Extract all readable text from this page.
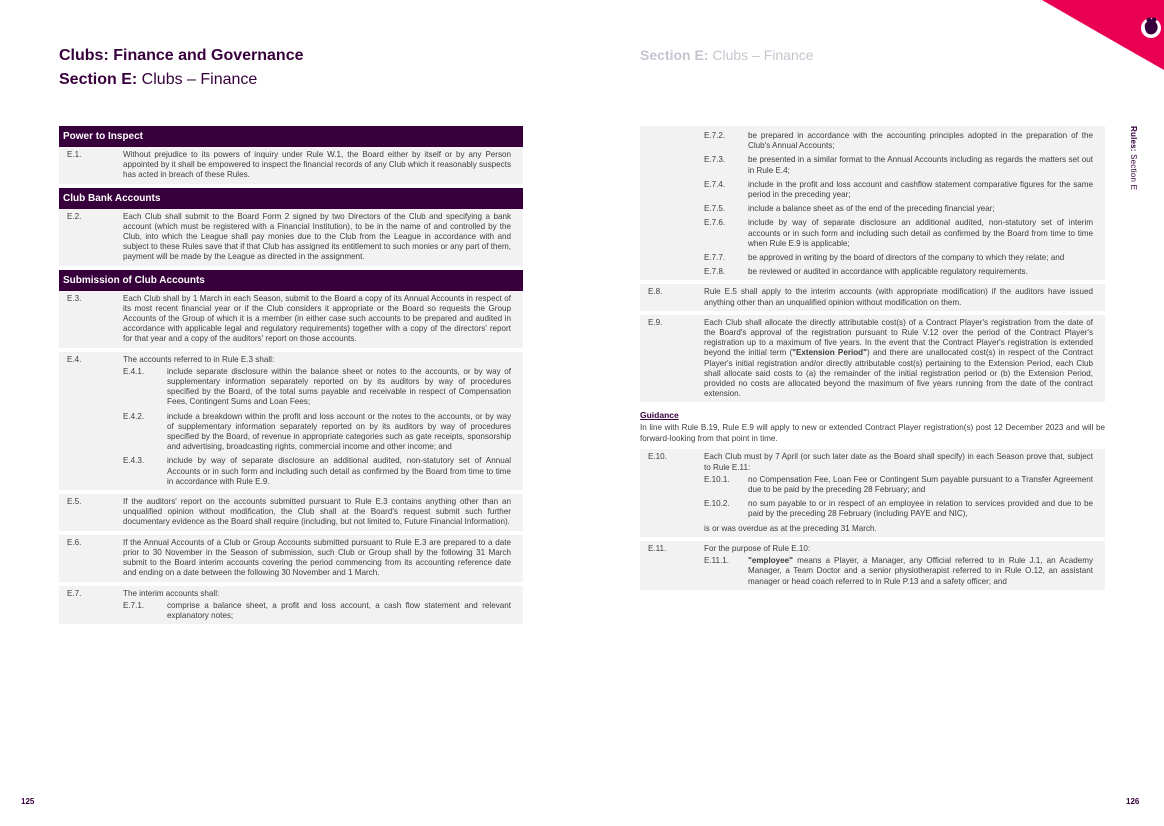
Clubs: Finance and Governance
Section E: Clubs – Finance
Section E: Clubs – Finance
Rules: Section E
Power to Inspect
E.1.	Without prejudice to its powers of inquiry under Rule W.1, the Board either by itself or by any Person appointed by it shall be empowered to inspect the financial records of any Club which it reasonably suspects has acted in breach of these Rules.
Club Bank Accounts
E.2.	Each Club shall submit to the Board Form 2 signed by two Directors of the Club and specifying a bank account (which must be registered with a Financial Institution), to be in the name of and controlled by the Club, into which the League shall pay monies due to the Club from the League in accordance with and subject to these Rules save that if that Club has assigned its entitlement to such monies or any part of them, payment will be made by the League as directed in the assignment.
Submission of Club Accounts
E.3.	Each Club shall by 1 March in each Season, submit to the Board a copy of its Annual Accounts in respect of its most recent financial year or if the Club considers it appropriate or the Board so requests the Group Accounts of the Group of which it is a member (in either case such accounts to be prepared and audited in accordance with applicable legal and regulatory requirements) together with a copy of the directors' report for that year and a copy of the auditors' report on those accounts.
E.4.	The accounts referred to in Rule E.3 shall:
E.4.1.	include separate disclosure within the balance sheet or notes to the accounts, or by way of supplementary information separately reported on by its auditors by way of procedures specified by the Board, of the total sums payable and receivable in respect of Compensation Fees, Contingent Sums and Loan Fees;
E.4.2.	include a breakdown within the profit and loss account or the notes to the accounts, or by way of supplementary information separately reported on by its auditors by way of procedures specified by the Board, of revenue in appropriate categories such as gate receipts, sponsorship and advertising, broadcasting rights, commercial income and other income; and
E.4.3.	include by way of separate disclosure an additional audited, non-statutory set of Annual Accounts or in such form and including such detail as confirmed by the Board from time to time in accordance with Rule E.9.
E.5.	If the auditors' report on the accounts submitted pursuant to Rule E.3 contains anything other than an unqualified opinion without modification, the Club shall at the Board's request submit such further documentary evidence as the Board shall require (including, but not limited to, Future Financial Information).
E.6.	If the Annual Accounts of a Club or Group Accounts submitted pursuant to Rule E.3 are prepared to a date prior to 30 November in the Season of submission, such Club or Group shall by the following 31 March submit to the Board interim accounts covering the period commencing from its accounting reference date and ending on a date between the following 30 November and 1 March.
E.7.	The interim accounts shall:
E.7.1.	comprise a balance sheet, a profit and loss account, a cash flow statement and relevant explanatory notes;
E.7.2.	be prepared in accordance with the accounting principles adopted in the preparation of the Club's Annual Accounts;
E.7.3.	be presented in a similar format to the Annual Accounts including as regards the matters set out in Rule E.4;
E.7.4.	include in the profit and loss account and cashflow statement comparative figures for the same period in the preceding year;
E.7.5.	include a balance sheet as of the end of the preceding financial year;
E.7.6.	include by way of separate disclosure an additional audited, non-statutory set of interim accounts or in such form and including such detail as confirmed by the Board from time to time when Rule E.9 is applicable;
E.7.7.	be approved in writing by the board of directors of the company to which they relate; and
E.7.8.	be reviewed or audited in accordance with applicable regulatory requirements.
E.8.	Rule E.5 shall apply to the interim accounts (with appropriate modification) if the auditors have issued anything other than an unqualified opinion without modification on them.
E.9.	Each Club shall allocate the directly attributable cost(s) of a Contract Player's registration from the date of the Board's approval of the registration pursuant to Rule V.12 over the period of the Contract Player's registration up to a maximum of five years. In the event that the Contract Player's registration is extended beyond the initial term ("Extension Period") and there are unallocated cost(s) in respect of the Contract Player's initial registration and/or directly attributable cost(s) pertaining to the Extension Period, each Club shall allocate said costs to (a) the remainder of the initial registration period or (b) the Extension Period, provided no costs are allocated beyond the maximum of five years running from the date of the contract extension.
Guidance
In line with Rule B.19, Rule E.9 will apply to new or extended Contract Player registration(s) post 12 December 2023 and will be forward-looking from that point in time.
E.10.	Each Club must by 7 April (or such later date as the Board shall specify) in each Season prove that, subject to Rule E.11:
E.10.1.	no Compensation Fee, Loan Fee or Contingent Sum payable pursuant to a Transfer Agreement due to be paid by the preceding 28 February; and
E.10.2.	no sum payable to or in respect of an employee in relation to services provided and due to be paid by the preceding 28 February (including PAYE and NIC),
is or was overdue as at the preceding 31 March.
E.11.	For the purpose of Rule E.10:
E.11.1.	"employee" means a Player, a Manager, any Official referred to in Rule J.1, an Academy Manager, a Team Doctor and a senior physiotherapist referred to in Rule O.12, an assistant manager or head coach referred to in Rule P.13 and a safety officer; and
125	126
